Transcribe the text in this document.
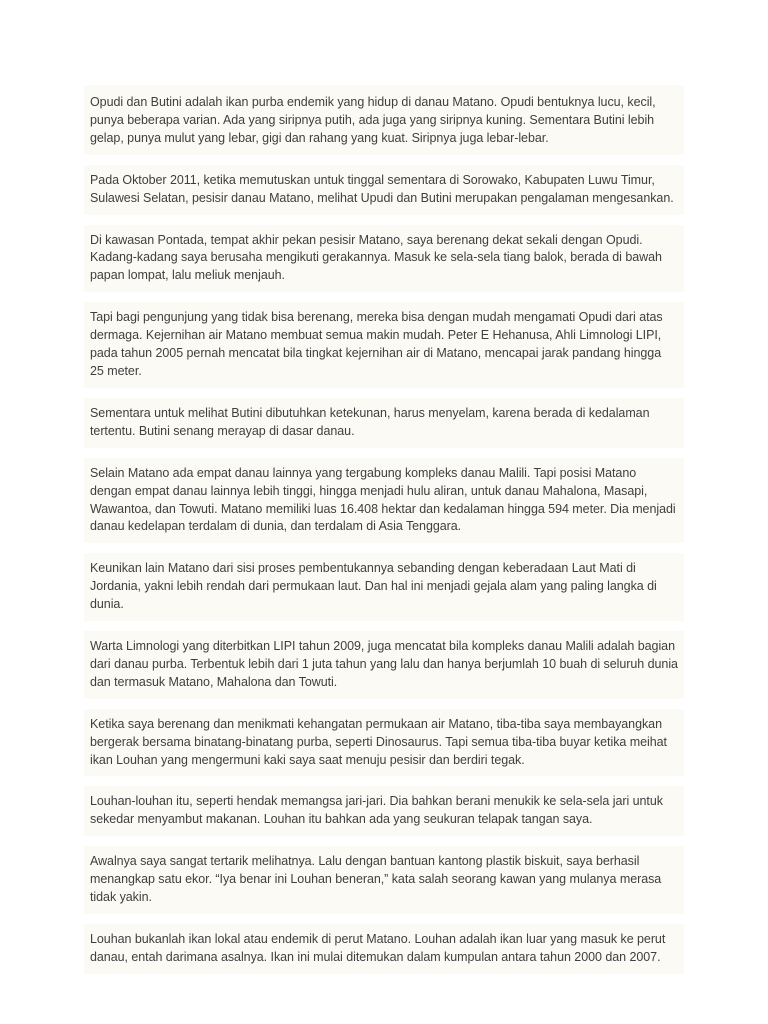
Opudi dan Butini adalah ikan purba endemik yang hidup di danau Matano. Opudi bentuknya lucu, kecil, punya beberapa varian. Ada yang siripnya putih, ada juga yang siripnya kuning. Sementara Butini lebih gelap, punya mulut yang lebar, gigi dan rahang yang kuat. Siripnya juga lebar-lebar.

Pada Oktober 2011, ketika memutuskan untuk tinggal sementara di Sorowako, Kabupaten Luwu Timur, Sulawesi Selatan, pesisir danau Matano, melihat Upudi dan Butini merupakan pengalaman mengesankan.

Di kawasan Pontada, tempat akhir pekan pesisir Matano, saya berenang dekat sekali dengan Opudi. Kadang-kadang saya berusaha mengikuti gerakannya. Masuk ke sela-sela tiang balok, berada di bawah papan lompat, lalu meliuk menjauh.

Tapi bagi pengunjung yang tidak bisa berenang, mereka bisa dengan mudah mengamati Opudi dari atas dermaga. Kejernihan air Matano membuat semua makin mudah. Peter E Hehanusa, Ahli Limnologi LIPI, pada tahun 2005 pernah mencatat bila tingkat kejernihan air di Matano, mencapai jarak pandang hingga 25 meter.

Sementara untuk melihat Butini dibutuhkan ketekunan, harus menyelam, karena berada di kedalaman tertentu. Butini senang merayap di dasar danau.

Selain Matano ada empat danau lainnya yang tergabung kompleks danau Malili. Tapi posisi Matano dengan empat danau lainnya lebih tinggi, hingga menjadi hulu aliran, untuk danau Mahalona, Masapi, Wawantoa, dan Towuti. Matano memiliki luas 16.408 hektar dan kedalaman hingga 594 meter. Dia menjadi danau kedelapan terdalam di dunia, dan terdalam di Asia Tenggara.

Keunikan lain Matano dari sisi proses pembentukannya sebanding dengan keberadaan Laut Mati di Jordania, yakni lebih rendah dari permukaan laut. Dan hal ini menjadi gejala alam yang paling langka di dunia.

Warta Limnologi yang diterbitkan LIPI tahun 2009, juga mencatat bila kompleks danau Malili adalah bagian dari danau purba. Terbentuk lebih dari 1 juta tahun yang lalu dan hanya berjumlah 10 buah di seluruh dunia dan termasuk Matano, Mahalona dan Towuti.

Ketika saya berenang dan menikmati kehangatan permukaan air Matano, tiba-tiba saya membayangkan bergerak bersama binatang-binatang purba, seperti Dinosaurus. Tapi semua tiba-tiba buyar ketika meihat ikan Louhan yang mengermuni kaki saya saat menuju pesisir dan berdiri tegak.

Louhan-louhan itu, seperti hendak memangsa jari-jari. Dia bahkan berani menukik ke sela-sela jari untuk sekedar menyambut makanan. Louhan itu bahkan ada yang seukuran telapak tangan saya.

Awalnya saya sangat tertarik melihatnya. Lalu dengan bantuan kantong plastik biskuit, saya berhasil menangkap satu ekor. “Iya benar ini Louhan beneran,” kata salah seorang kawan yang mulanya merasa tidak yakin.

Louhan bukanlah ikan lokal atau endemik di perut Matano. Louhan adalah ikan luar yang masuk ke perut danau, entah darimana asalnya. Ikan ini mulai ditemukan dalam kumpulan antara tahun 2000 dan 2007.
